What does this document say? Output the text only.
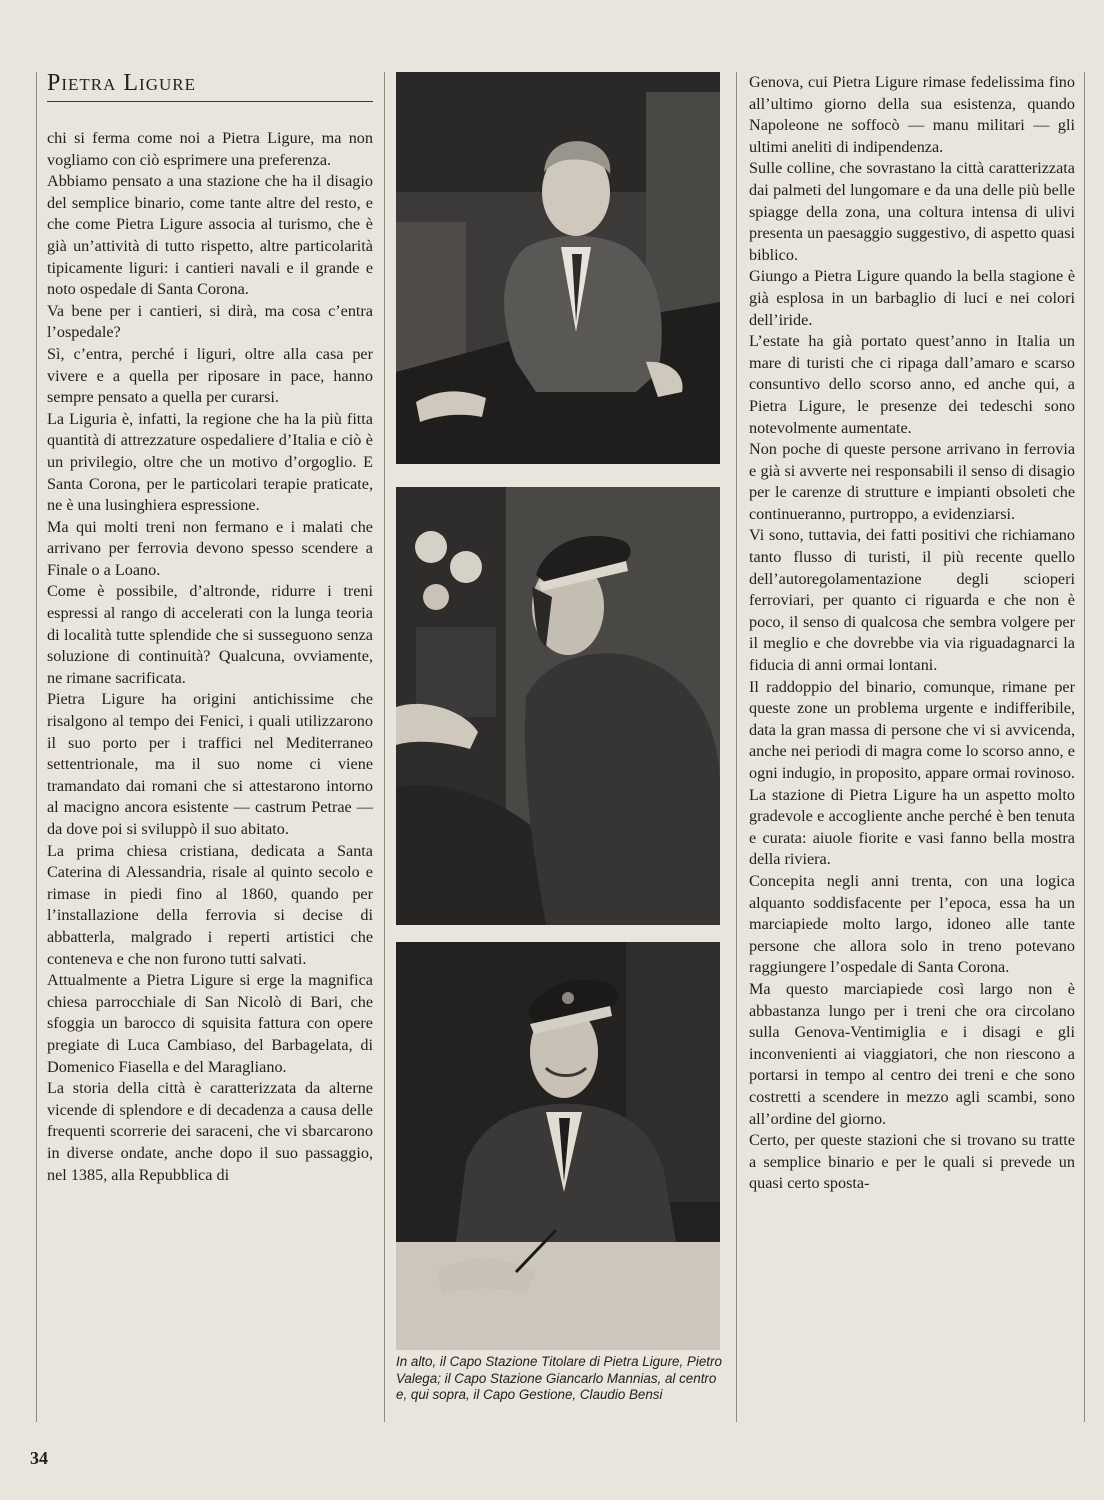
Pietra Ligure

chi si ferma come noi a Pietra Ligure, ma non vogliamo con ciò esprimere una preferenza.

Abbiamo pensato a una stazione che ha il disagio del semplice binario, come tante altre del resto, e che come Pietra Ligure associa al turismo, che è già un’attività di tutto rispetto, altre particolarità tipicamente liguri: i cantieri navali e il grande e noto ospedale di Santa Corona.

Va bene per i cantieri, si dirà, ma cosa c’entra l’ospedale?

Sì, c’entra, perché i liguri, oltre alla casa per vivere e a quella per riposare in pace, hanno sempre pensato a quella per curarsi.

La Liguria è, infatti, la regione che ha la più fitta quantità di attrezzature ospedaliere d’Italia e ciò è un privilegio, oltre che un motivo d’orgoglio. E Santa Corona, per le particolari terapie praticate, ne è una lusinghiera espressione.

Ma qui molti treni non fermano e i malati che arrivano per ferrovia devono spesso scendere a Finale o a Loano.

Come è possibile, d’altronde, ridurre i treni espressi al rango di accelerati con la lunga teoria di località tutte splendide che si susseguono senza soluzione di continuità? Qualcuna, ovviamente, ne rimane sacrificata.

Pietra Ligure ha origini antichissime che risalgono al tempo dei Fenici, i quali utilizzarono il suo porto per i traffici nel Mediterraneo settentrionale, ma il suo nome ci viene tramandato dai romani che si attestarono intorno al macigno ancora esistente — castrum Petrae — da dove poi si sviluppò il suo abitato.

La prima chiesa cristiana, dedicata a Santa Caterina di Alessandria, risale al quinto secolo e rimase in piedi fino al 1860, quando per l’installazione della ferrovia si decise di abbatterla, malgrado i reperti artistici che conteneva e che non furono tutti salvati.

Attualmente a Pietra Ligure si erge la magnifica chiesa parrocchiale di San Nicolò di Bari, che sfoggia un barocco di squisita fattura con opere pregiate di Luca Cambiaso, del Barbagelata, di Domenico Fiasella e del Maragliano.

La storia della città è caratterizzata da alterne vicende di splendore e di decadenza a causa delle frequenti scorrerie dei saraceni, che vi sbarcarono in diverse ondate, anche dopo il suo passaggio, nel 1385, alla Repubblica di

In alto, il Capo Stazione Titolare di Pietra Ligure, Pietro Valega; il Capo Stazione Giancarlo Mannias, al centro e, qui sopra, il Capo Gestione, Claudio Bensi

Genova, cui Pietra Ligure rimase fedelissima fino all’ultimo giorno della sua esistenza, quando Napoleone ne soffocò — manu militari — gli ultimi aneliti di indipendenza.

Sulle colline, che sovrastano la città caratterizzata dai palmeti del lungomare e da una delle più belle spiagge della zona, una coltura intensa di ulivi presenta un paesaggio suggestivo, di aspetto quasi biblico.

Giungo a Pietra Ligure quando la bella stagione è già esplosa in un barbaglio di luci e nei colori dell’iride.

L’estate ha già portato quest’anno in Italia un mare di turisti che ci ripaga dall’amaro e scarso consuntivo dello scorso anno, ed anche qui, a Pietra Ligure, le presenze dei tedeschi sono notevolmente aumentate.

Non poche di queste persone arrivano in ferrovia e già si avverte nei responsabili il senso di disagio per le carenze di strutture e impianti obsoleti che continueranno, purtroppo, a evidenziarsi.

Vi sono, tuttavia, dei fatti positivi che richiamano tanto flusso di turisti, il più recente quello dell’autoregolamentazione degli scioperi ferroviari, per quanto ci riguarda e che non è poco, il senso di qualcosa che sembra volgere per il meglio e che dovrebbe via via riguadagnarci la fiducia di anni ormai lontani.

Il raddoppio del binario, comunque, rimane per queste zone un problema urgente e indifferibile, data la gran massa di persone che vi si avvicenda, anche nei periodi di magra come lo scorso anno, e ogni indugio, in proposito, appare ormai rovinoso.

La stazione di Pietra Ligure ha un aspetto molto gradevole e accogliente anche perché è ben tenuta e curata: aiuole fiorite e vasi fanno bella mostra della riviera.

Concepita negli anni trenta, con una logica alquanto soddisfacente per l’epoca, essa ha un marciapiede molto largo, idoneo alle tante persone che allora solo in treno potevano raggiungere l’ospedale di Santa Corona.

Ma questo marciapiede così largo non è abbastanza lungo per i treni che ora circolano sulla Genova-Ventimiglia e i disagi e gli inconvenienti ai viaggiatori, che non riescono a portarsi in tempo al centro dei treni e che sono costretti a scendere in mezzo agli scambi, sono all’ordine del giorno.

Certo, per queste stazioni che si trovano su tratte a semplice binario e per le quali si prevede un quasi certo sposta-

34
